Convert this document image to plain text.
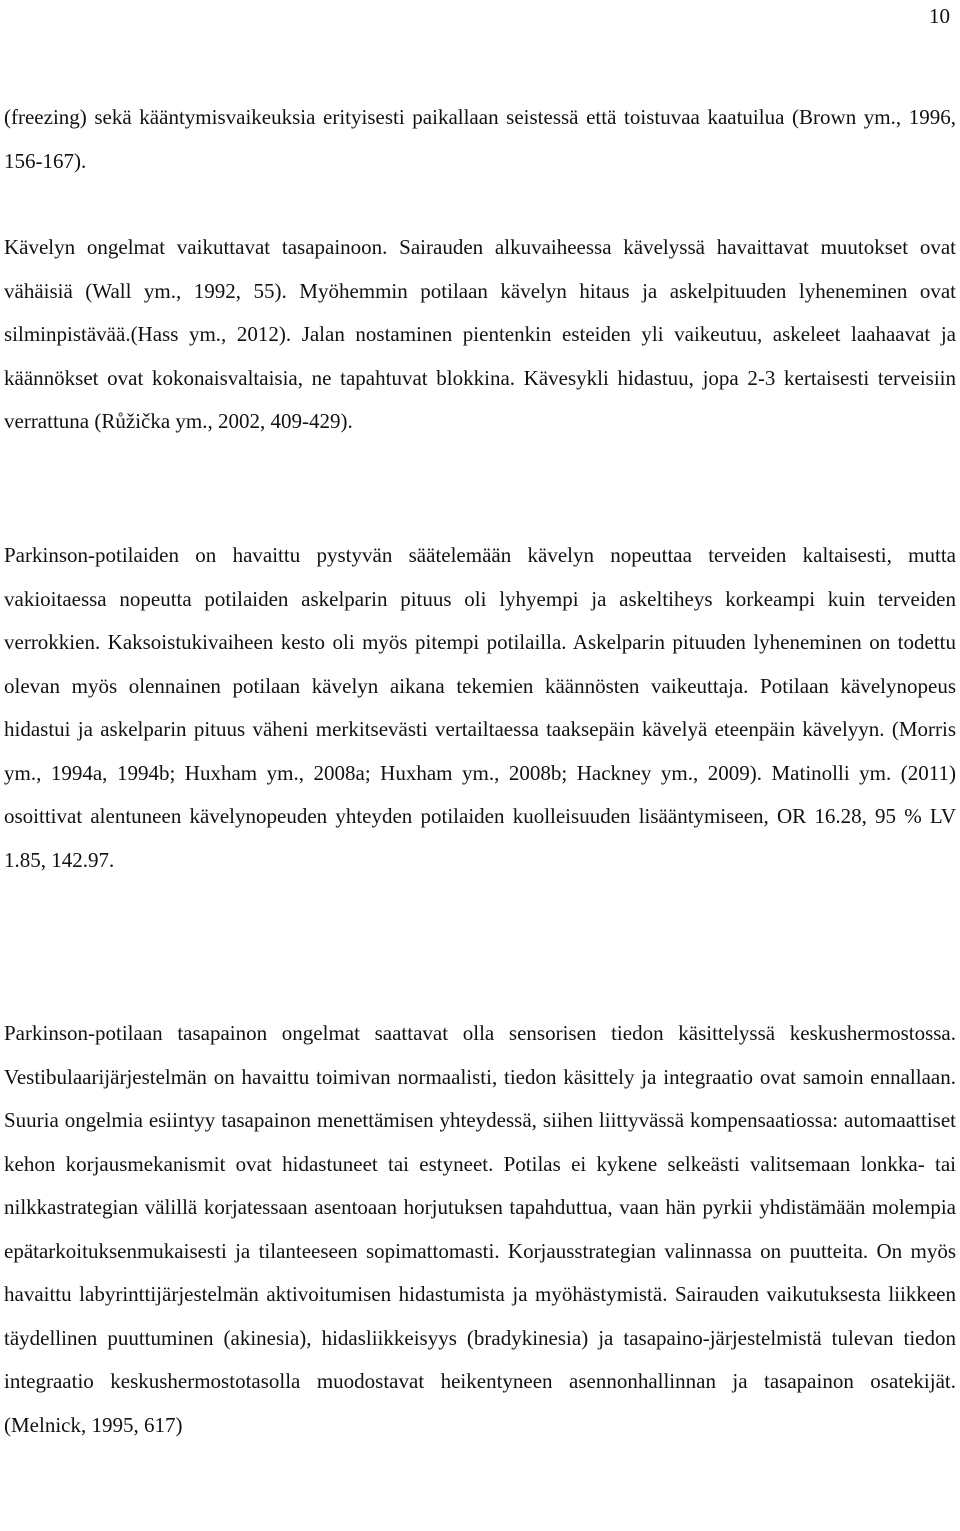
10

(freezing) sekä kääntymisvaikeuksia erityisesti paikallaan seistessä että toistuvaa kaatuilua (Brown ym., 1996, 156-167).

Kävelyn ongelmat vaikuttavat tasapainoon. Sairauden alkuvaiheessa kävelyssä havaittavat muutokset ovat vähäisiä (Wall ym., 1992, 55). Myöhemmin potilaan kävelyn hitaus ja askelpituuden lyheneminen ovat silminpistävää.(Hass ym., 2012). Jalan nostaminen pientenkin esteiden yli vaikeutuu, askeleet laahaavat ja käännökset ovat kokonaisvaltaisia, ne tapahtuvat blokkina. Kävesykli hidastuu, jopa 2-3 kertaisesti terveisiin verrattuna (Růžička ym., 2002, 409-429).

Parkinson-potilaiden on havaittu pystyvän säätelemään kävelyn nopeuttaa terveiden kaltaisesti, mutta vakioitaessa nopeutta potilaiden askelparin pituus oli lyhyempi ja askeltiheys korkeampi kuin terveiden verrokkien. Kaksoistukivaiheen kesto oli myös pitempi potilailla. Askelparin pituuden lyheneminen on todettu olevan myös olennainen potilaan kävelyn aikana tekemien käännösten vaikeuttaja. Potilaan kävelynopeus hidastui ja askelparin pituus väheni merkitsevästi vertailtaessa taaksepäin kävelyä eteenpäin kävelyyn. (Morris ym., 1994a, 1994b; Huxham ym., 2008a; Huxham ym., 2008b; Hackney ym., 2009). Matinolli ym. (2011) osoittivat alentuneen kävelynopeuden yhteyden potilaiden kuolleisuuden lisääntymiseen, OR 16.28, 95 % LV 1.85, 142.97.

Parkinson-potilaan tasapainon ongelmat saattavat olla sensorisen tiedon käsittelyssä keskushermostossa. Vestibulaarijärjestelmän on havaittu toimivan normaalisti, tiedon käsittely ja integraatio ovat samoin ennallaan. Suuria ongelmia esiintyy tasapainon menettämisen yhteydessä, siihen liittyvässä kompensaatiossa: automaattiset kehon korjausmekanismit ovat hidastuneet tai estyneet. Potilas ei kykene selkeästi valitsemaan lonkka- tai nilkkastrategian välillä korjatessaan asentoaan horjutuksen tapahduttua, vaan hän pyrkii yhdistämään molempia epätarkoituksenmukaisesti ja tilanteeseen sopimattomasti. Korjausstrategian valinnassa on puutteita. On myös havaittu labyrinttijärjestelmän aktivoitumisen hidastumista ja myöhästymistä. Sairauden vaikutuksesta liikkeen täydellinen puuttuminen (akinesia), hidasliikkeisyys (bradykinesia) ja tasapaino-järjestelmistä tulevan tiedon integraatio keskushermostotasolla muodostavat heikentyneen asennonhallinnan ja tasapainon osatekijät.(Melnick, 1995, 617)
